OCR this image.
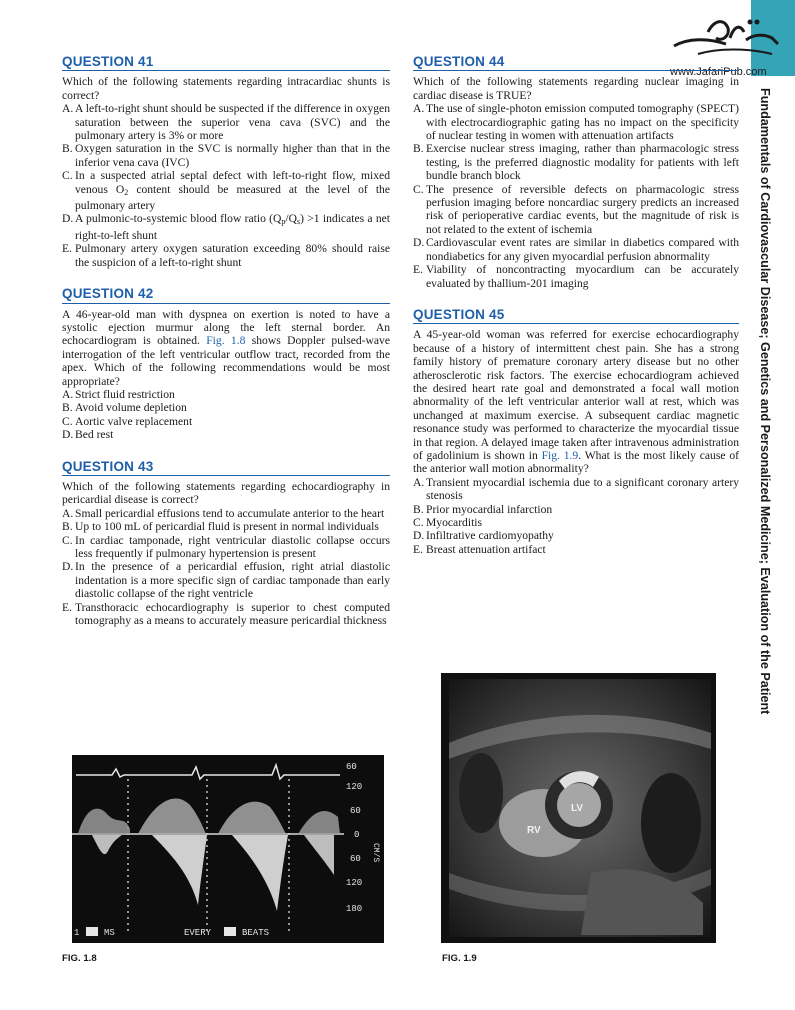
Fundamentals of Cardiovascular Disease; Genetics and Personalized Medicine; Evaluation of the Patient
www.JafariPub.com
QUESTION 41

Which of the following statements regarding intracardiac shunts is correct?

A. A left-to-right shunt should be suspected if the difference in oxygen saturation between the superior vena cava (SVC) and the pulmonary artery is 3% or more
B. Oxygen saturation in the SVC is normally higher than that in the inferior vena cava (IVC)
C. In a suspected atrial septal defect with left-to-right flow, mixed venous $O_2$ content should be measured at the level of the pulmonary artery
D. A pulmonic-to-systemic blood flow ratio $(Q_p/Q_s) >1$ indicates a net right-to-left shunt
E. Pulmonary artery oxygen saturation exceeding 80% should raise the suspicion of a left-to-right shunt
QUESTION 42

A 46-year-old man with dyspnea on exertion is noted to have a systolic ejection murmur along the left sternal border. An echocardiogram is obtained. Fig. 1.8 shows Doppler pulsed-wave interrogation of the left ventricular outflow tract, recorded from the apex. Which of the following recommendations would be most appropriate?

A. Strict fluid restriction
B. Avoid volume depletion
C. Aortic valve replacement
D. Bed rest
QUESTION 43

Which of the following statements regarding echocardiography in pericardial disease is correct?

A. Small pericardial effusions tend to accumulate anterior to the heart
B. Up to 100 mL of pericardial fluid is present in normal individuals
C. In cardiac tamponade, right ventricular diastolic collapse occurs less frequently if pulmonary hypertension is present
D. In the presence of a pericardial effusion, right atrial diastolic indentation is a more specific sign of cardiac tamponade than early diastolic collapse of the right ventricle
E. Transthoracic echocardiography is superior to chest computed tomography as a means to accurately measure pericardial thickness
QUESTION 44

Which of the following statements regarding nuclear imaging in cardiac disease is TRUE?

A. The use of single-photon emission computed tomography (SPECT) with electrocardiographic gating has no impact on the specificity of nuclear testing in women with attenuation artifacts
B. Exercise nuclear stress imaging, rather than pharmacologic stress testing, is the preferred diagnostic modality for patients with left bundle branch block
C. The presence of reversible defects on pharmacologic stress perfusion imaging before noncardiac surgery predicts an increased risk of perioperative cardiac events, but the magnitude of risk is not related to the extent of ischemia
D. Cardiovascular event rates are similar in diabetics compared with nondiabetics for any given myocardial perfusion abnormality
E. Viability of noncontracting myocardium can be accurately evaluated by thallium-201 imaging
QUESTION 45

A 45-year-old woman was referred for exercise echocardiography because of a history of intermittent chest pain. She has a strong family history of premature coronary artery disease but no other atherosclerotic risk factors. The exercise echocardiogram achieved the desired heart rate goal and demonstrated a focal wall motion abnormality of the left ventricular anterior wall at rest, which was unchanged at maximum exercise. A subsequent cardiac magnetic resonance study was performed to characterize the myocardial tissue in that region. A delayed image taken after intravenous administration of gadolinium is shown in Fig. 1.9. What is the most likely cause of the anterior wall motion abnormality?

A. Transient myocardial ischemia due to a significant coronary artery stenosis
B. Prior myocardial infarction
C. Myocarditis
D. Infiltrative cardiomyopathy
E. Breast attenuation artifact
60
120
60
0
60
120
180
CM/S
1	MS	EVERY	BEATS
FIG. 1.8
LV
RV
FIG. 1.9
